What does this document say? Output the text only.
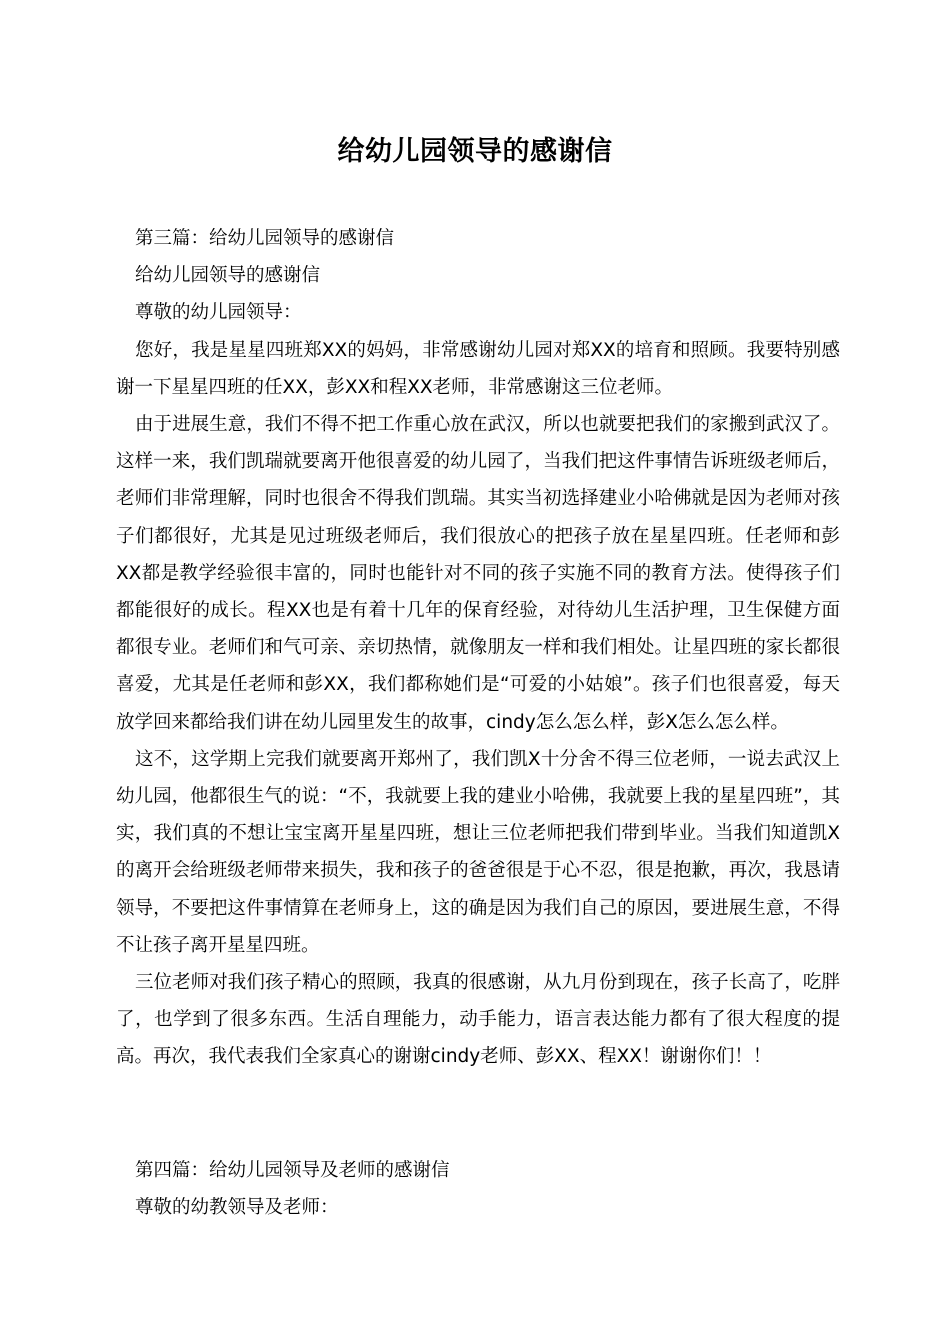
给幼儿园领导的感谢信

第三篇：给幼儿园领导的感谢信

给幼儿园领导的感谢信

尊敬的幼儿园领导：

您好，我是星星四班郑XX的妈妈，非常感谢幼儿园对郑XX的培育和照顾。我要特别感谢一下星星四班的任XX，彭XX和程XX老师，非常感谢这三位老师。

由于进展生意，我们不得不把工作重心放在武汉，所以也就要把我们的家搬到武汉了。这样一来，我们凯瑞就要离开他很喜爱的幼儿园了，当我们把这件事情告诉班级老师后，老师们非常理解，同时也很舍不得我们凯瑞。其实当初选择建业小哈佛就是因为老师对孩子们都很好，尤其是见过班级老师后，我们很放心的把孩子放在星星四班。任老师和彭XX都是教学经验很丰富的，同时也能针对不同的孩子实施不同的教育方法。使得孩子们都能很好的成长。程XX也是有着十几年的保育经验，对待幼儿生活护理，卫生保健方面都很专业。老师们和气可亲、亲切热情，就像朋友一样和我们相处。让星四班的家长都很喜爱，尤其是任老师和彭XX，我们都称她们是“可爱的小姑娘”。孩子们也很喜爱，每天放学回来都给我们讲在幼儿园里发生的故事，cindy怎么怎么样，彭X怎么怎么样。

这不，这学期上完我们就要离开郑州了，我们凯X十分舍不得三位老师，一说去武汉上幼儿园，他都很生气的说：“不，我就要上我的建业小哈佛，我就要上我的星星四班”，其实，我们真的不想让宝宝离开星星四班，想让三位老师把我们带到毕业。当我们知道凯X的离开会给班级老师带来损失，我和孩子的爸爸很是于心不忍，很是抱歉，再次，我恳请领导，不要把这件事情算在老师身上，这的确是因为我们自己的原因，要进展生意，不得不让孩子离开星星四班。

三位老师对我们孩子精心的照顾，我真的很感谢，从九月份到现在，孩子长高了，吃胖了，也学到了很多东西。生活自理能力，动手能力，语言表达能力都有了很大程度的提高。再次，我代表我们全家真心的谢谢cindy老师、彭XX、程XX！谢谢你们！！

第四篇：给幼儿园领导及老师的感谢信

尊敬的幼教领导及老师：
